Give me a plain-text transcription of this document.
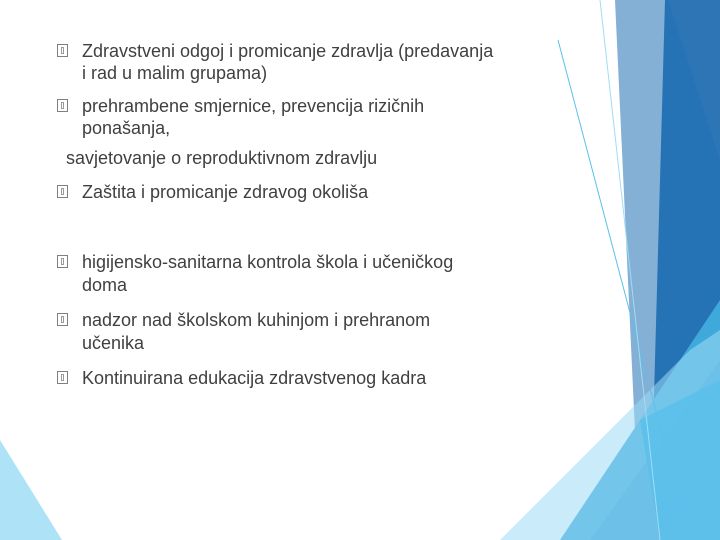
Zdravstveni odgoj i promicanje zdravlja (predavanja
i rad u malim grupama)
prehrambene smjernice, prevencija rizičnih
ponašanja,
savjetovanje o reproduktivnom zdravlju
Zaštita i promicanje zdravog okoliša
higijensko-sanitarna kontrola škola i učeničkog
doma
nadzor nad školskom kuhinjom i prehranom
učenika
Kontinuirana edukacija zdravstvenog kadra
